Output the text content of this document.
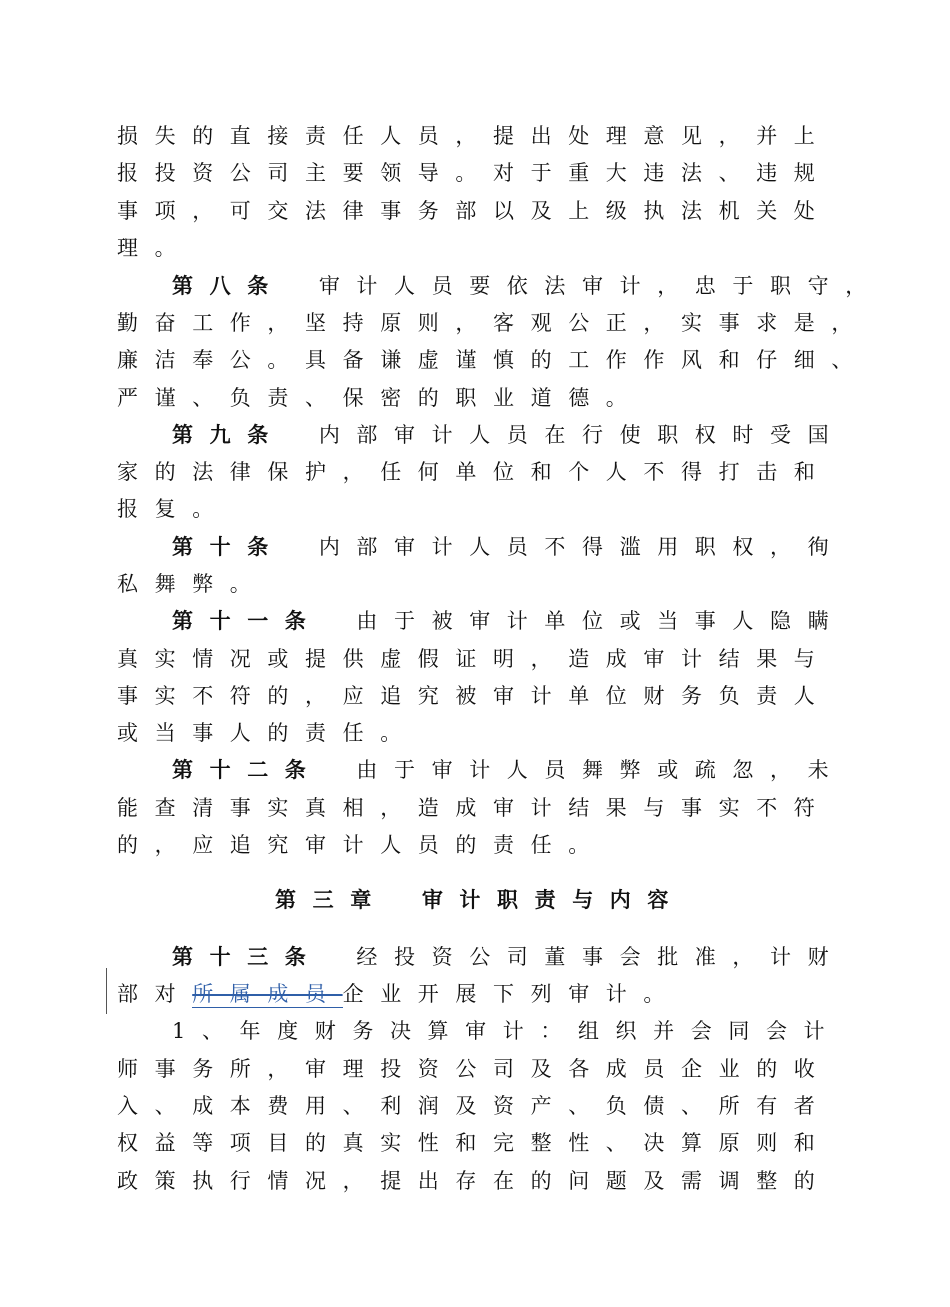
损失的直接责任人员，提出处理意见，并上
报投资公司主要领导。对于重大违法、违规
事项，可交法律事务部以及上级执法机关处
理。
第八条 审计人员要依法审计，忠于职守，
勤奋工作，坚持原则，客观公正，实事求是，
廉洁奉公。具备谦虚谨慎的工作作风和仔细、
严谨、负责、保密的职业道德。
第九条 内部审计人员在行使职权时受国
家的法律保护，任何单位和个人不得打击和
报复。
第十条 内部审计人员不得滥用职权，徇
私舞弊。
第十一条 由于被审计单位或当事人隐瞒
真实情况或提供虚假证明，造成审计结果与
事实不符的，应追究被审计单位财务负责人
或当事人的责任。
第十二条 由于审计人员舞弊或疏忽，未
能查清事实真相，造成审计结果与事实不符
的，应追究审计人员的责任。
第三章 审计职责与内容
第十三条 经投资公司董事会批准，计财
部对所属成员企业开展下列审计。
1、年度财务决算审计：组织并会同会计
师事务所，审理投资公司及各成员企业的收
入、成本费用、利润及资产、负债、所有者
权益等项目的真实性和完整性、决算原则和
政策执行情况，提出存在的问题及需调整的
